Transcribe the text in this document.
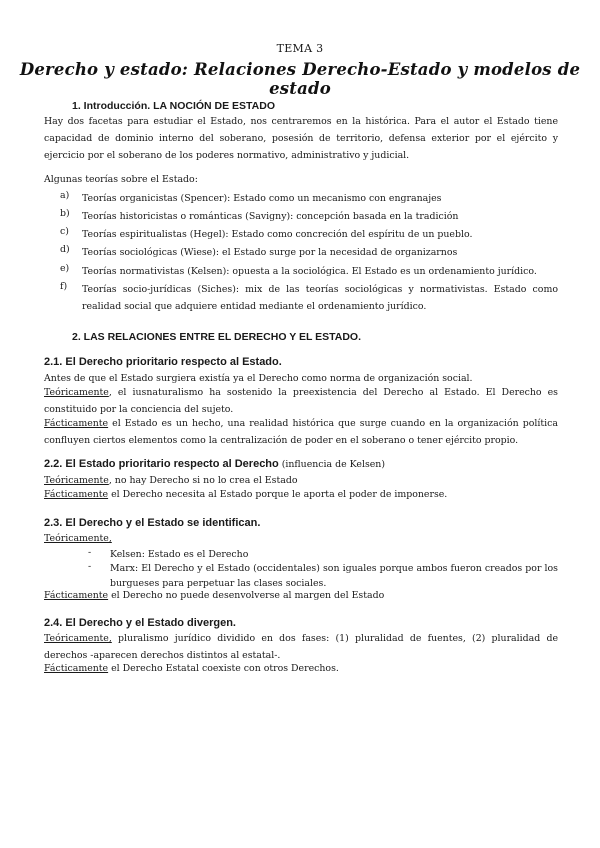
TEMA 3
Derecho y estado: Relaciones Derecho-Estado y modelos de estado
1. Introducción. LA NOCIÓN DE ESTADO
Hay dos facetas para estudiar el Estado, nos centraremos en la histórica. Para el autor el Estado tiene capacidad de dominio interno del soberano, posesión de territorio, defensa exterior por el ejército y ejercicio por el soberano de los poderes normativo, administrativo y judicial.
Algunas teorías sobre el Estado:
a)	Teorías organicistas (Spencer): Estado como un mecanismo con engranajes
b)	Teorías historicistas o románticas (Savigny): concepción basada en la tradición
c)	Teorías espiritualistas (Hegel): Estado como concreción del espíritu de un pueblo.
d)	Teorías sociológicas (Wiese): el Estado surge por la necesidad de organizarnos
e)	Teorías normativistas (Kelsen): opuesta a la sociológica. El Estado es un ordenamiento jurídico.
f)	Teorías socio-jurídicas (Siches): mix de las teorías sociológicas y normativistas. Estado como realidad social que adquiere entidad mediante el ordenamiento jurídico.
2. LAS RELACIONES ENTRE EL DERECHO Y EL ESTADO.
2.1. El Derecho prioritario respecto al Estado.
Antes de que el Estado surgiera existía ya el Derecho como norma de organización social.
Teóricamente, el iusnaturalismo ha sostenido la preexistencia del Derecho al Estado. El Derecho es constituido por la conciencia del sujeto.
Fácticamente el Estado es un hecho, una realidad histórica que surge cuando en la organización política confluyen ciertos elementos como la centralización de poder en el soberano o tener ejército propio.
2.2. El Estado prioritario respecto al Derecho (influencia de Kelsen)
Teóricamente, no hay Derecho si no lo crea el Estado
Fácticamente el Derecho necesita al Estado porque le aporta el poder de imponerse.
2.3. El Derecho y el Estado se identifican.
Teóricamente,
- Kelsen: Estado es el Derecho
- Marx: El Derecho y el Estado (occidentales) son iguales porque ambos fueron creados por los burgueses para perpetuar las clases sociales.
Fácticamente el Derecho no puede desenvolverse al margen del Estado
2.4. El Derecho y el Estado divergen.
Teóricamente, pluralismo jurídico dividido en dos fases: (1) pluralidad de fuentes, (2) pluralidad de derechos -aparecen derechos distintos al estatal-.
Fácticamente el Derecho Estatal coexiste con otros Derechos.
